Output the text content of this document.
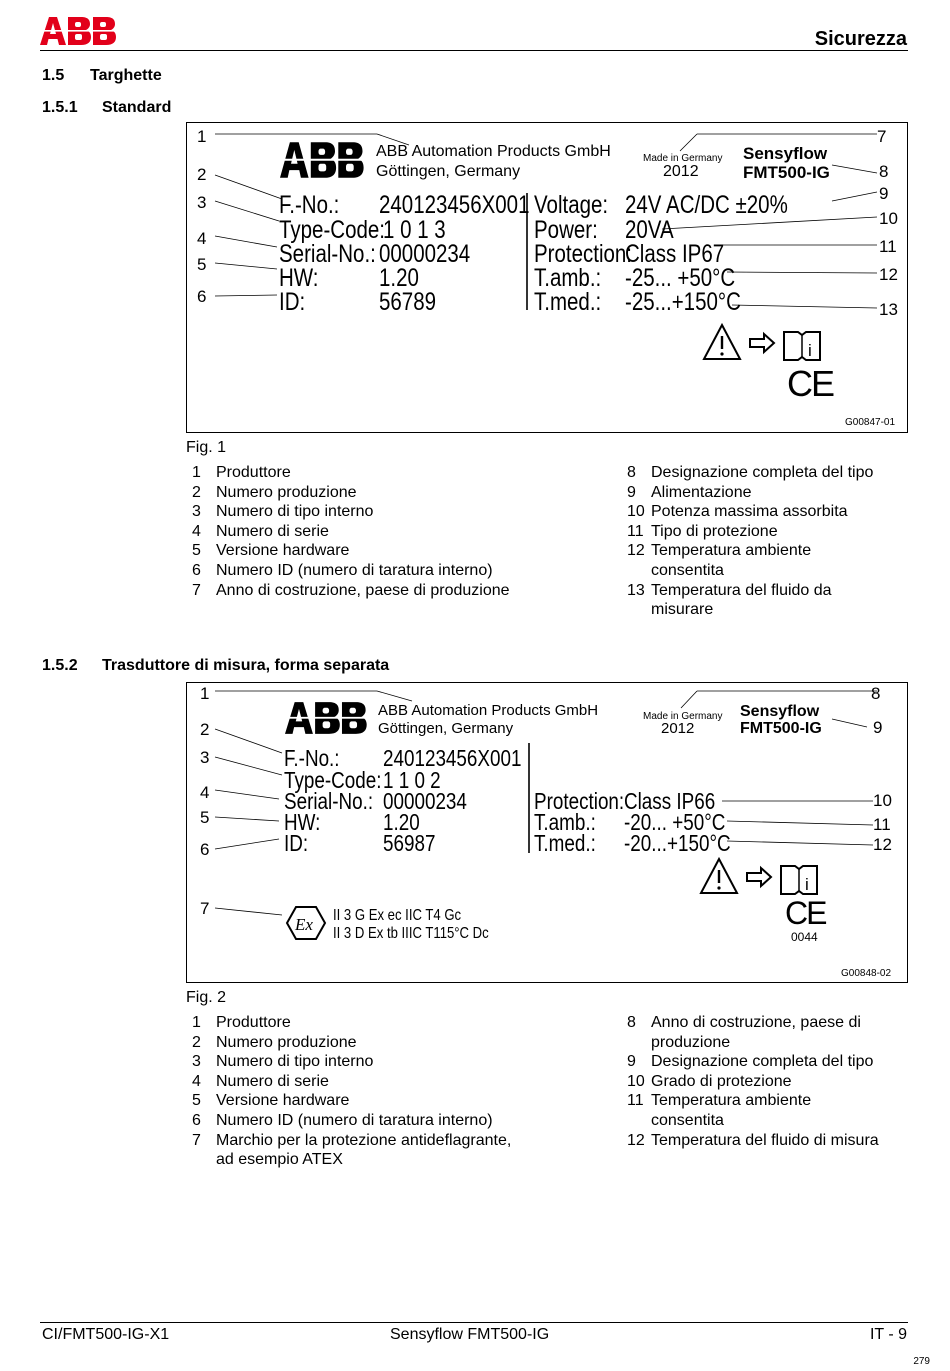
Sicurezza
1.5 Targhette
1.5.1 Standard
1
2
3
4
5
6
7
8
9
10
11
12
13
ABB Automation Products GmbH
Göttingen, Germany
Made in Germany
2012
Sensyflow
FMT500-IG
F.-No.: 240123456X001
Type-Code:
1 0 1 3
Serial-No.: 00000234
HW: 1.20
ID:	56789
Voltage: 24V AC/DC ±20%
Power: 20VA
Protection:
Class IP67
T.amb.: -25... +50°C
T.med.: -25...+150°C
i
CE
G00847-01
Fig. 1
1 Produttore
2 Numero produzione
3 Numero di tipo interno
4 Numero di serie
5 Versione hardware
6 Numero ID (numero di taratura interno)
7 Anno di costruzione, paese di produzione
8 Designazione completa del tipo
9 Alimentazione
10 Potenza massima assorbita
11 Tipo di protezione
12 Temperatura ambiente
consentita
13 Temperatura del fluido da
misurare
1.5.2 Trasduttore di misura, forma separata
1
2
3
4
5
6
7
8
9
10
11
12
ABB Automation Products GmbH
Göttingen, Germany
Made in Germany
2012
Sensyflow
FMT500-IG
F.-No.: 240123456X001
Type-Code: 1 1 0 2
Serial-No.: 00000234
HW:	1.20
ID:	56987
Protection: Class IP66
T.amb.: -20... +50°C
T.med.: -20...+150°C
i
Ex II 3 G Ex ec IIC T4 Gc
II 3 D Ex tb IIIC T115°C Dc
CE
0044
G00848-02
Fig. 2
1 Produttore
2 Numero produzione
3 Numero di tipo interno
4 Numero di serie
5 Versione hardware
6 Numero ID (numero di taratura interno)
7 Marchio per la protezione antideflagrante,
ad esempio ATEX
8 Anno di costruzione, paese di
produzione
9 Designazione completa del tipo
10 Grado di protezione
11 Temperatura ambiente
consentita
12 Temperatura del fluido di misura
CI/FMT500-IG-X1	Sensyflow FMT500-IG	IT - 9
279
